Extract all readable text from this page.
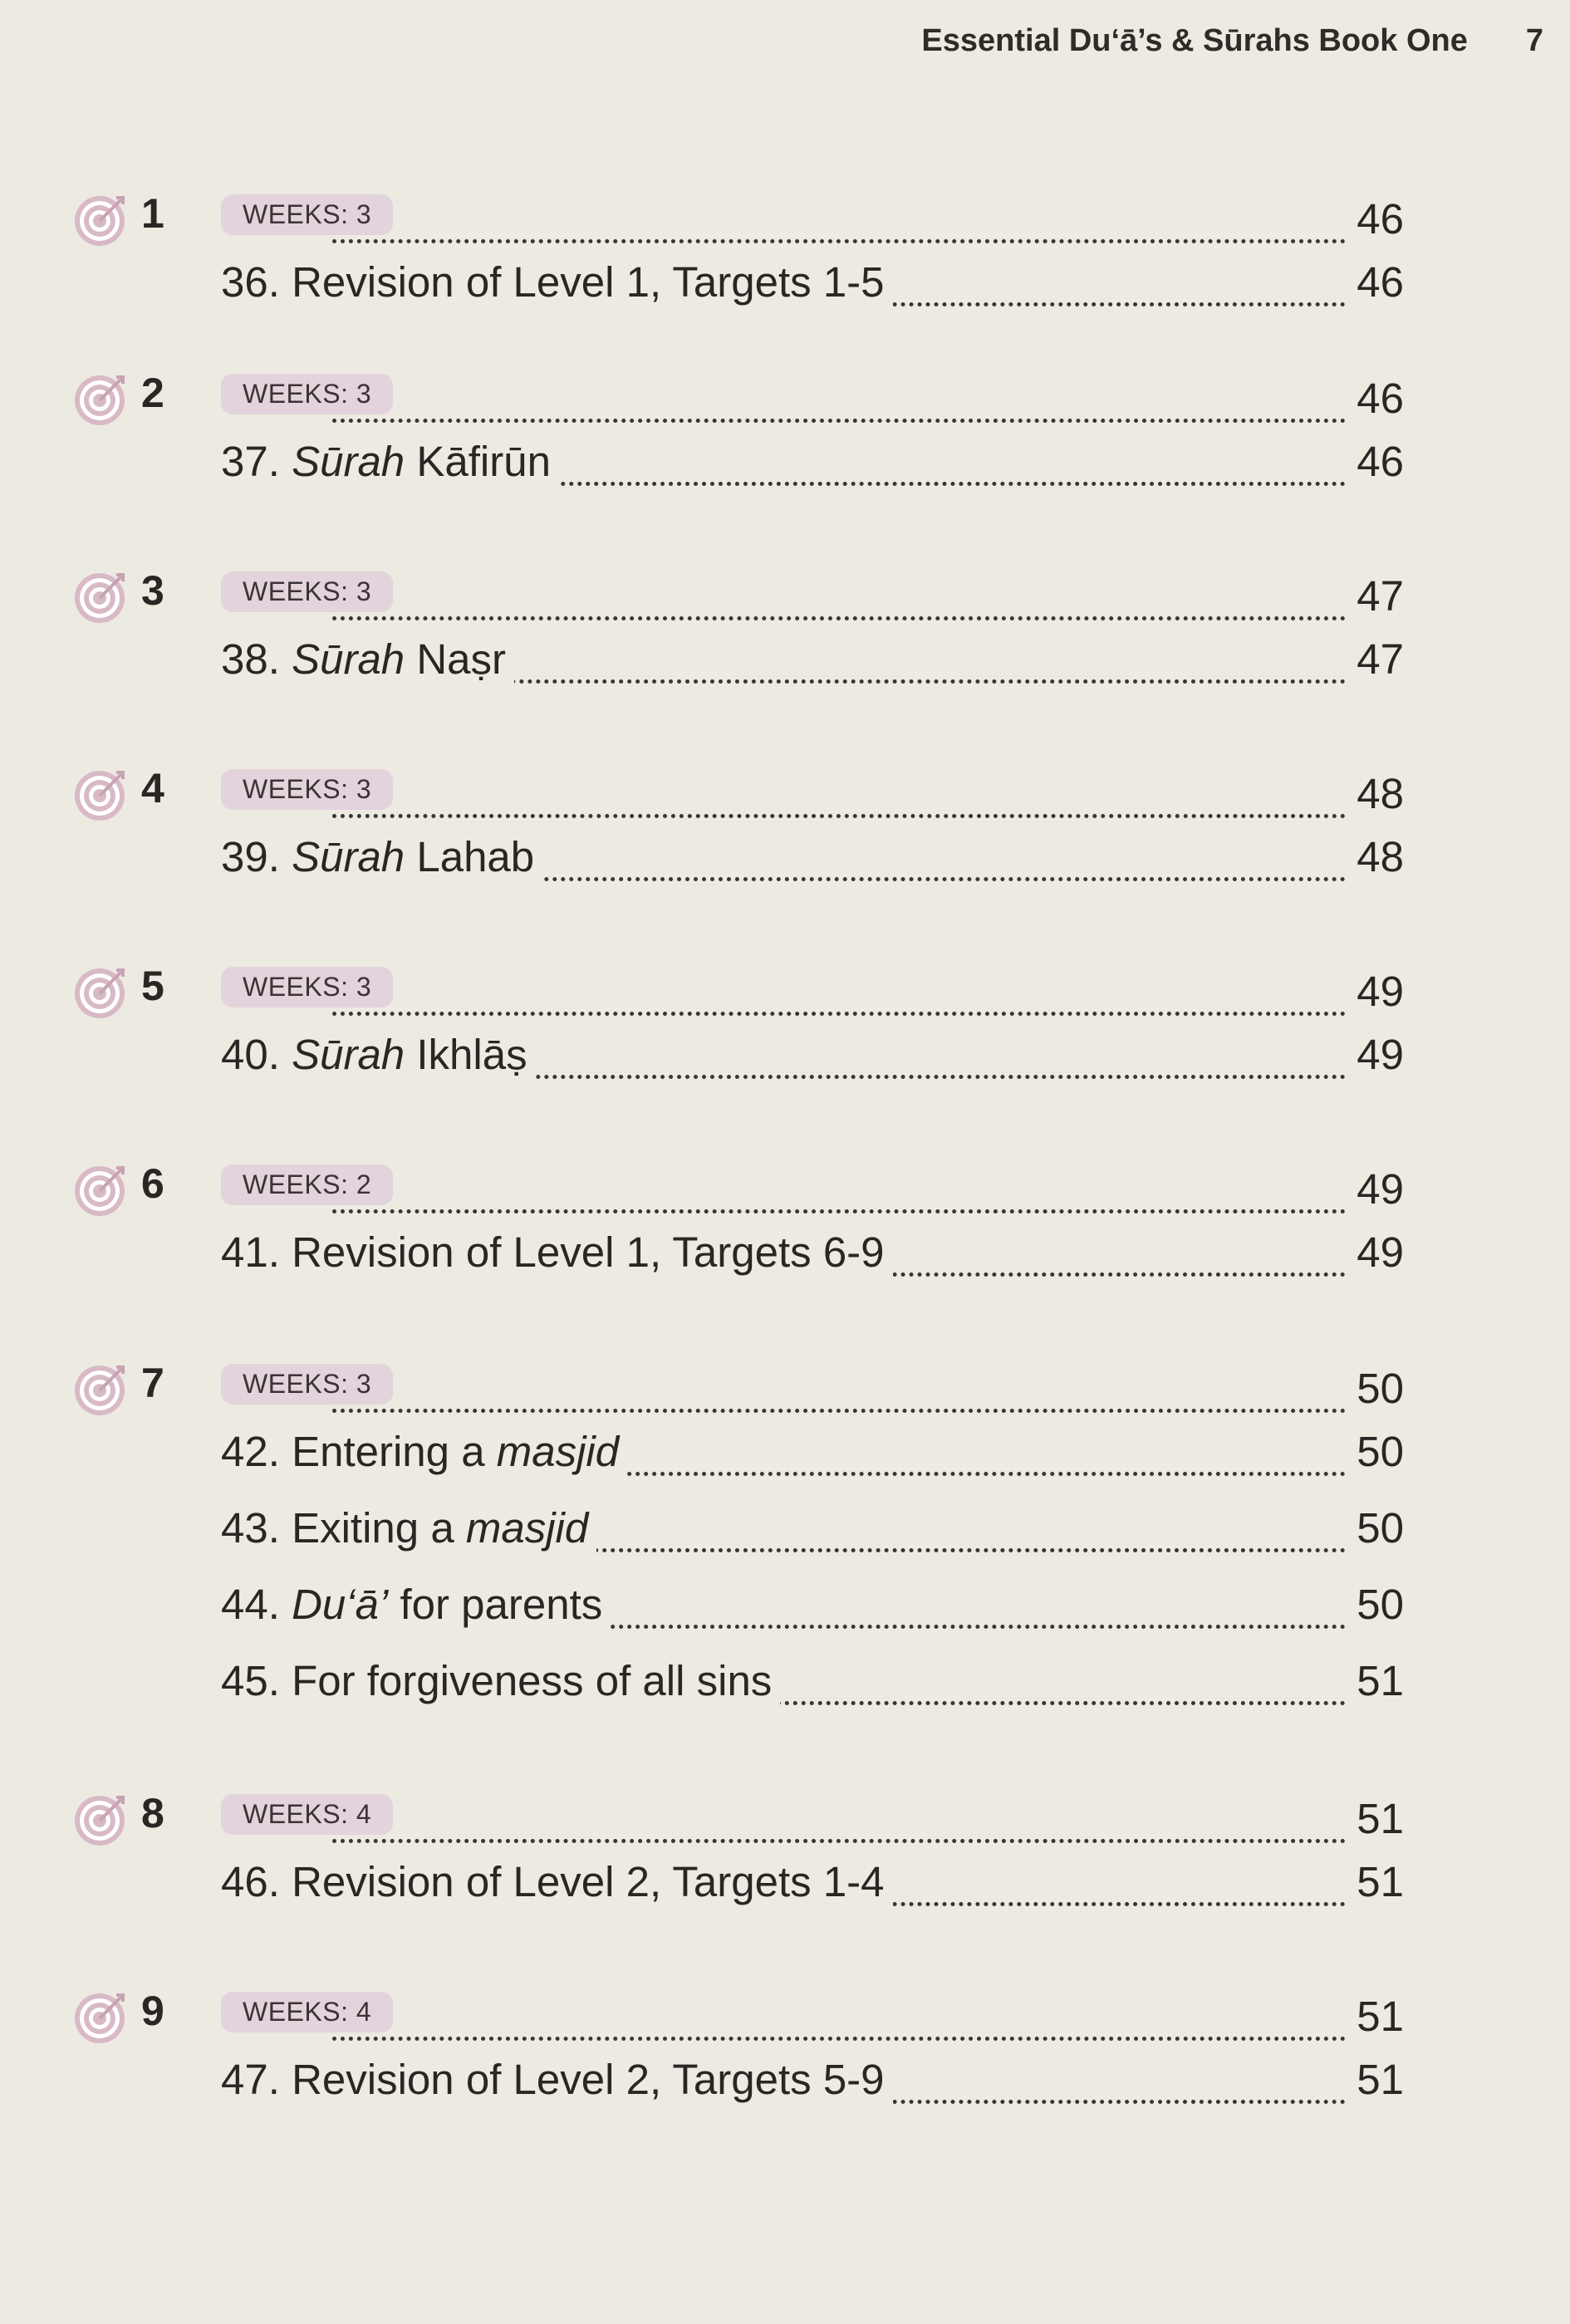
Essential Du‘ā’s & Sūrahs Book One 7
1	WEEKS: 3	46
36. Revision of Level 1, Targets 1-5	46
2	WEEKS: 3	46
37. Sūrah Kāfirūn	46
3	WEEKS: 3	47
38. Sūrah Naṣr	47
4	WEEKS: 3	48
39. Sūrah Lahab	48
5	WEEKS: 3	49
40. Sūrah Ikhlāṣ	49
6	WEEKS: 2	49
41. Revision of Level 1, Targets 6-9	49
7	WEEKS: 3	50
42. Entering a masjid	50
43. Exiting a masjid	50
44. Du‘ā’ for parents	50
45. For forgiveness of all sins	51
8	WEEKS: 4	51
46. Revision of Level 2, Targets 1-4	51
9	WEEKS: 4	51
47. Revision of Level 2, Targets 5-9	51
